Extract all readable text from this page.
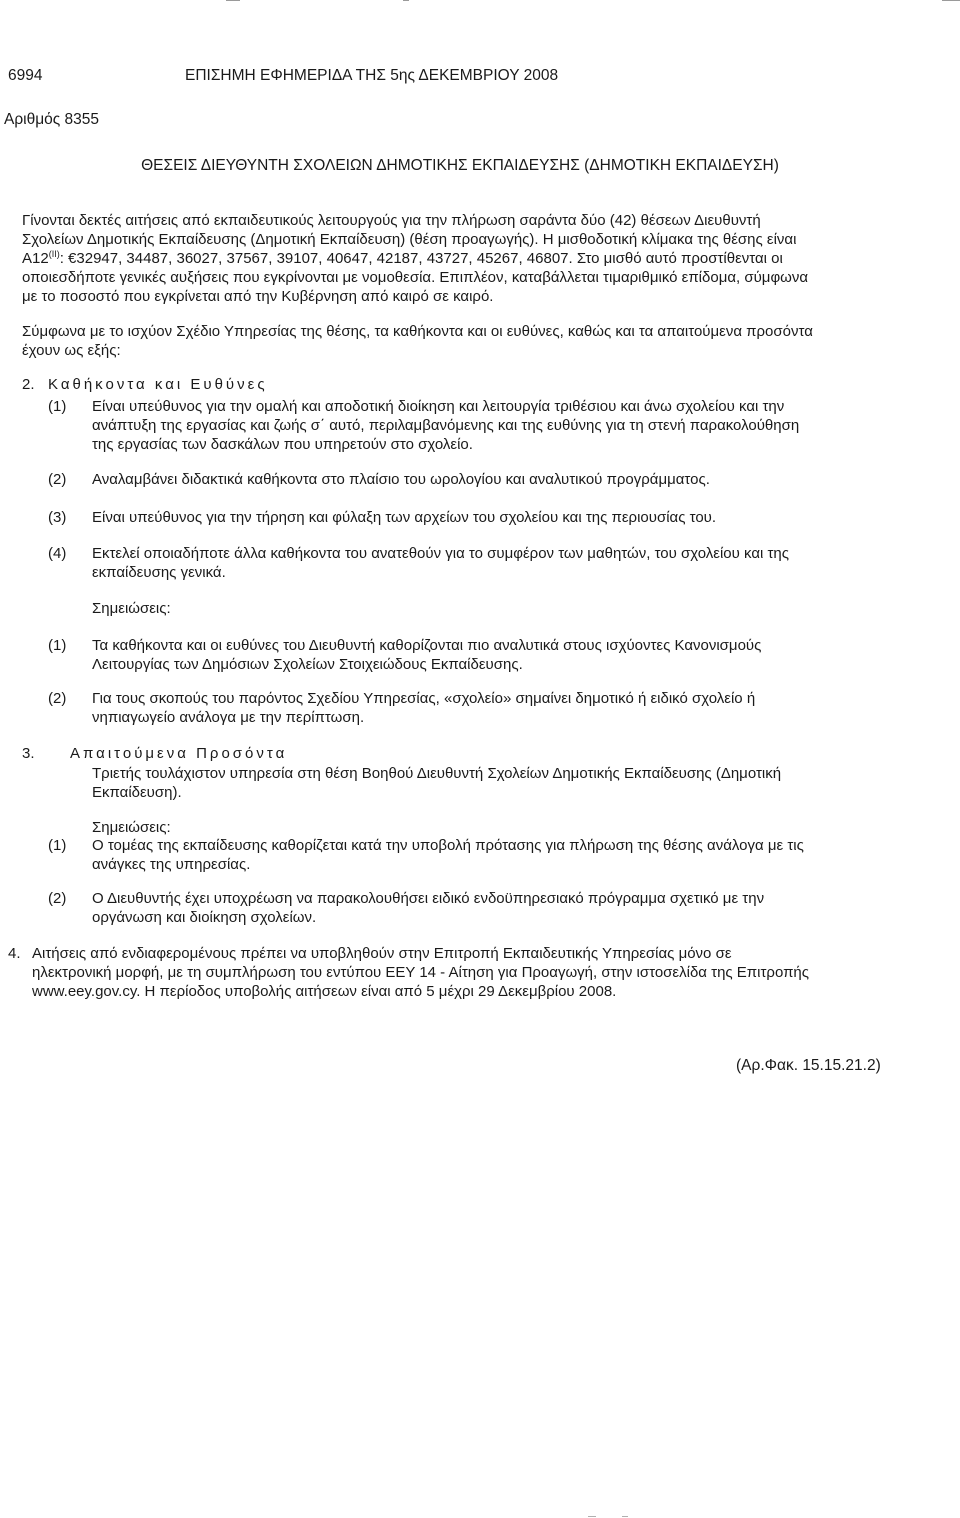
6994	ΕΠΙΣΗΜΗ ΕΦΗΜΕΡΙΔΑ ΤΗΣ 5ης ΔΕΚΕΜΒΡΙΟΥ 2008
Αριθμός 8355
ΘΕΣΕΙΣ ΔΙΕΥΘΥΝΤΗ ΣΧΟΛΕΙΩΝ ΔΗΜΟΤΙΚΗΣ ΕΚΠΑΙΔΕΥΣΗΣ (ΔΗΜΟΤΙΚΗ ΕΚΠΑΙΔΕΥΣΗ)
Γίνονται δεκτές αιτήσεις από εκπαιδευτικούς λειτουργούς για την πλήρωση σαράντα δύο (42) θέσεων Διευθυντή
Σχολείων Δημοτικής Εκπαίδευσης (Δημοτική Εκπαίδευση) (θέση προαγωγής). Η μισθοδοτική κλίμακα της θέσης είναι
$A12^{(II)}$: €32947, 34487, 36027, 37567, 39107, 40647, 42187, 43727, 45267, 46807. Στο μισθό αυτό προστίθενται οι
οποιεσδήποτε γενικές αυξήσεις που εγκρίνονται με νομοθεσία. Επιπλέον, καταβάλλεται τιμαριθμικό επίδομα, σύμφωνα
με το ποσοστό που εγκρίνεται από την Κυβέρνηση από καιρό σε καιρό.
Σύμφωνα με το ισχύον Σχέδιο Υπηρεσίας της θέσης, τα καθήκοντα και οι ευθύνες, καθώς και τα απαιτούμενα προσόντα
έχουν ως εξής:
2. Καθήκοντα και Ευθύνες
(1) Είναι υπεύθυνος για την ομαλή και αποδοτική διοίκηση και λειτουργία τριθέσιου και άνω σχολείου και την
ανάπτυξη της εργασίας και ζωής σ΄ αυτό, περιλαμβανόμενης και της ευθύνης για τη στενή παρακολούθηση
της εργασίας των δασκάλων που υπηρετούν στο σχολείο.
(2) Αναλαμβάνει διδακτικά καθήκοντα στο πλαίσιο του ωρολογίου και αναλυτικού προγράμματος.
(3) Είναι υπεύθυνος για την τήρηση και φύλαξη των αρχείων του σχολείου και της περιουσίας του.
(4) Εκτελεί οποιαδήποτε άλλα καθήκοντα του ανατεθούν για το συμφέρον των μαθητών, του σχολείου και της
εκπαίδευσης γενικά.
Σημειώσεις:
(1) Τα καθήκοντα και οι ευθύνες του Διευθυντή καθορίζονται πιο αναλυτικά στους ισχύοντες Κανονισμούς
Λειτουργίας των Δημόσιων Σχολείων Στοιχειώδους Εκπαίδευσης.
(2) Για τους σκοπούς του παρόντος Σχεδίου Υπηρεσίας, «σχολείο» σημαίνει δημοτικό ή ειδικό σχολείο ή
νηπιαγωγείο ανάλογα με την περίπτωση.
3. Απαιτούμενα Προσόντα
Τριετής τουλάχιστον υπηρεσία στη θέση Βοηθού Διευθυντή Σχολείων Δημοτικής Εκπαίδευσης (Δημοτική
Εκπαίδευση).
Σημειώσεις:
(1) Ο τομέας της εκπαίδευσης καθορίζεται κατά την υποβολή πρότασης για πλήρωση της θέσης ανάλογα με τις
ανάγκες της υπηρεσίας.
(2) Ο Διευθυντής έχει υποχρέωση να παρακολουθήσει ειδικό ενδοϋπηρεσιακό πρόγραμμα σχετικό με την
οργάνωση και διοίκηση σχολείων.
4. Αιτήσεις από ενδιαφερομένους πρέπει να υποβληθούν στην Επιτροπή Εκπαιδευτικής Υπηρεσίας μόνο σε
ηλεκτρονική μορφή, με τη συμπλήρωση του εντύπου ΕΕΥ 14 - Αίτηση για Προαγωγή, στην ιστοσελίδα της Επιτροπής
www.eey.gov.cy. Η περίοδος υποβολής αιτήσεων είναι από 5 μέχρι 29 Δεκεμβρίου 2008.
(Αρ.Φακ. 15.15.21.2)
